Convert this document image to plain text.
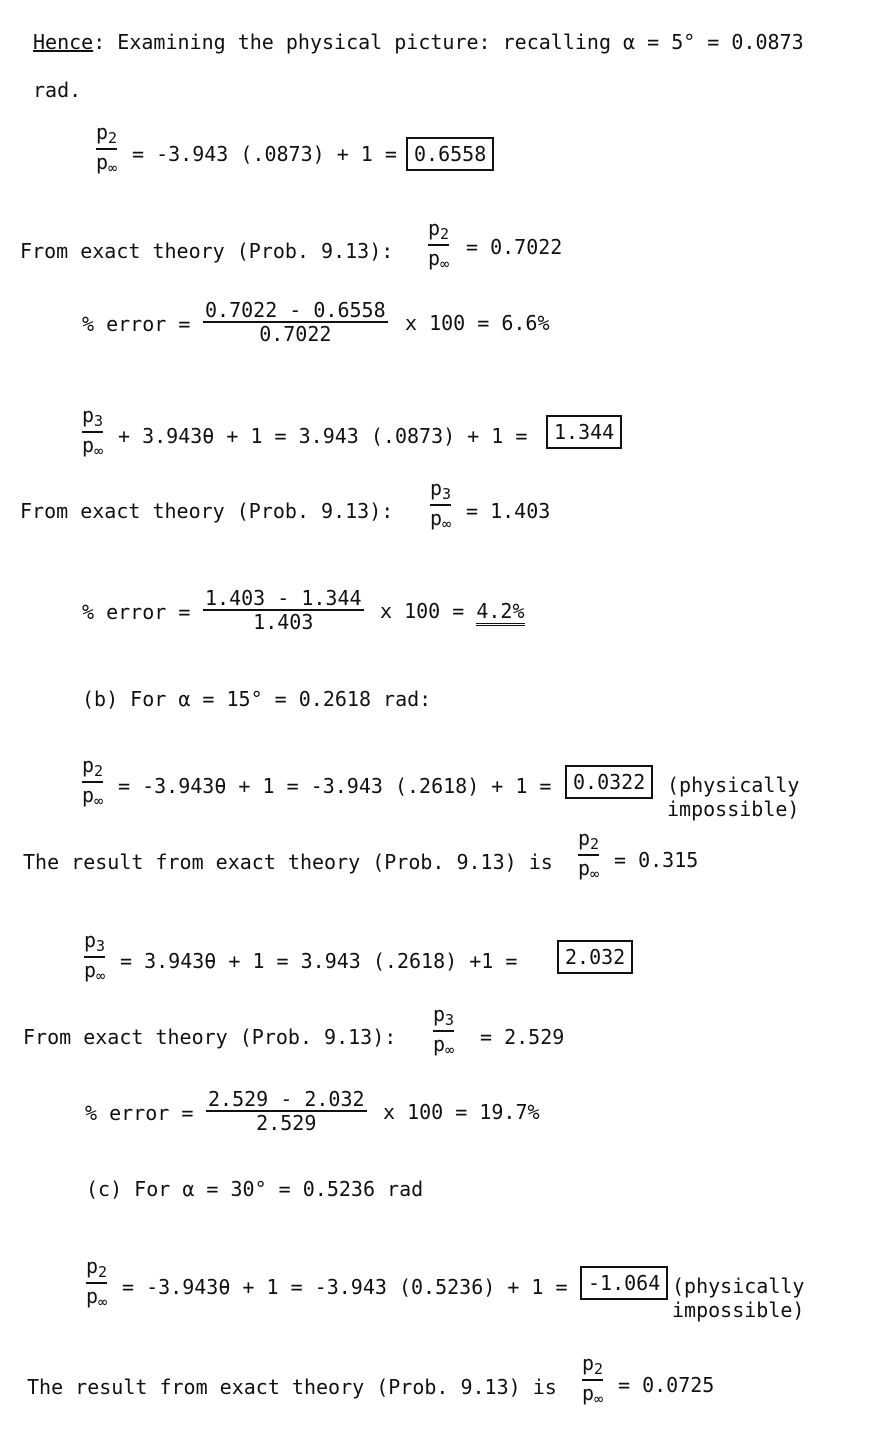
Hence: Examining the physical picture: recalling α = 5° = 0.0873
rad.
$p_2$
$p_\infty$
= -3.943 (.0873) + 1 = 0.6558
From exact theory (Prob. 9.13):
$p_2$
$p_\infty$
= 0.7022
% error = $\frac{0.7022 - 0.6558}{0.7022}$ x 100 = 6.6%
$p_3$
$p_\infty$
+ 3.943θ + 1 = 3.943 (.0873) + 1 =	1.344
From exact theory (Prob. 9.13):
$p_3$
$p_\infty$
= 1.403
% error = $\frac{1.403 - 1.344}{1.403}$ x 100 = 4.2%
(b) For α = 15° = 0.2618 rad:
$p_2$
$p_\infty$
= -3.943θ + 1 = -3.943 (.2618) + 1 =	0.0322	(physically
impossible)
The result from exact theory (Prob. 9.13) is
$p_2$
$p_\infty$
= 0.315
$p_3$
$p_\infty$
= 3.943θ + 1 = 3.943 (.2618) +1 =	2.032
From exact theory (Prob. 9.13):
$p_3$
$p_\infty$
= 2.529
% error = $\frac{2.529 - 2.032}{2.529}$ x 100 = 19.7%
(c) For α = 30° = 0.5236 rad
$p_2$
$p_\infty$
= -3.943θ + 1 = -3.943 (0.5236) + 1 =	-1.064 (physically
impossible)
The result from exact theory (Prob. 9.13) is
$p_2$
$p_\infty$
= 0.0725
